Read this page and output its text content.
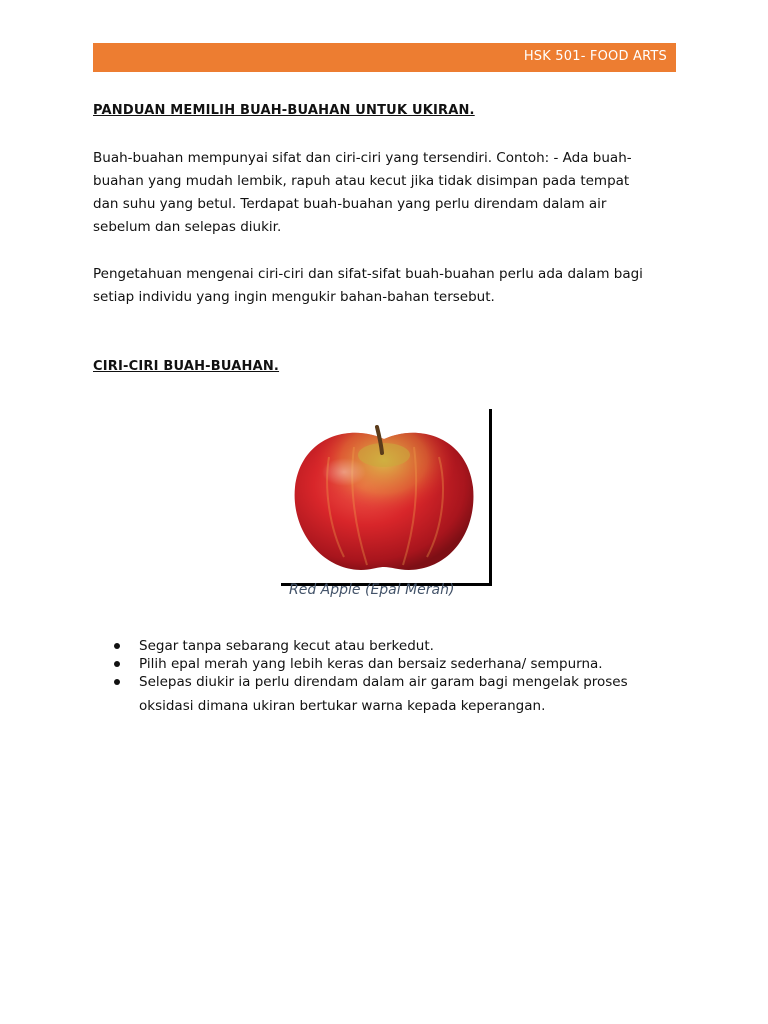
HSK 501- FOOD ARTS
PANDUAN MEMILIH BUAH-BUAHAN UNTUK UKIRAN.

Buah-buahan mempunyai sifat dan ciri-ciri yang tersendiri. Contoh: - Ada buah-
buahan yang mudah lembik, rapuh atau kecut jika tidak disimpan pada tempat
dan suhu yang betul. Terdapat buah-buahan yang perlu direndam dalam air
sebelum dan selepas diukir.

Pengetahuan mengenai ciri-ciri dan sifat-sifat buah-buahan perlu ada dalam bagi
setiap individu yang ingin mengukir bahan-bahan tersebut.

CIRI-CIRI BUAH-BUAHAN.
Red Apple (Epal Merah)
Segar tanpa sebarang kecut atau berkedut.
Pilih epal merah yang lebih keras dan bersaiz sederhana/ sempurna.
Selepas diukir ia perlu direndam dalam air garam bagi mengelak proses
oksidasi dimana ukiran bertukar warna kepada keperangan.
